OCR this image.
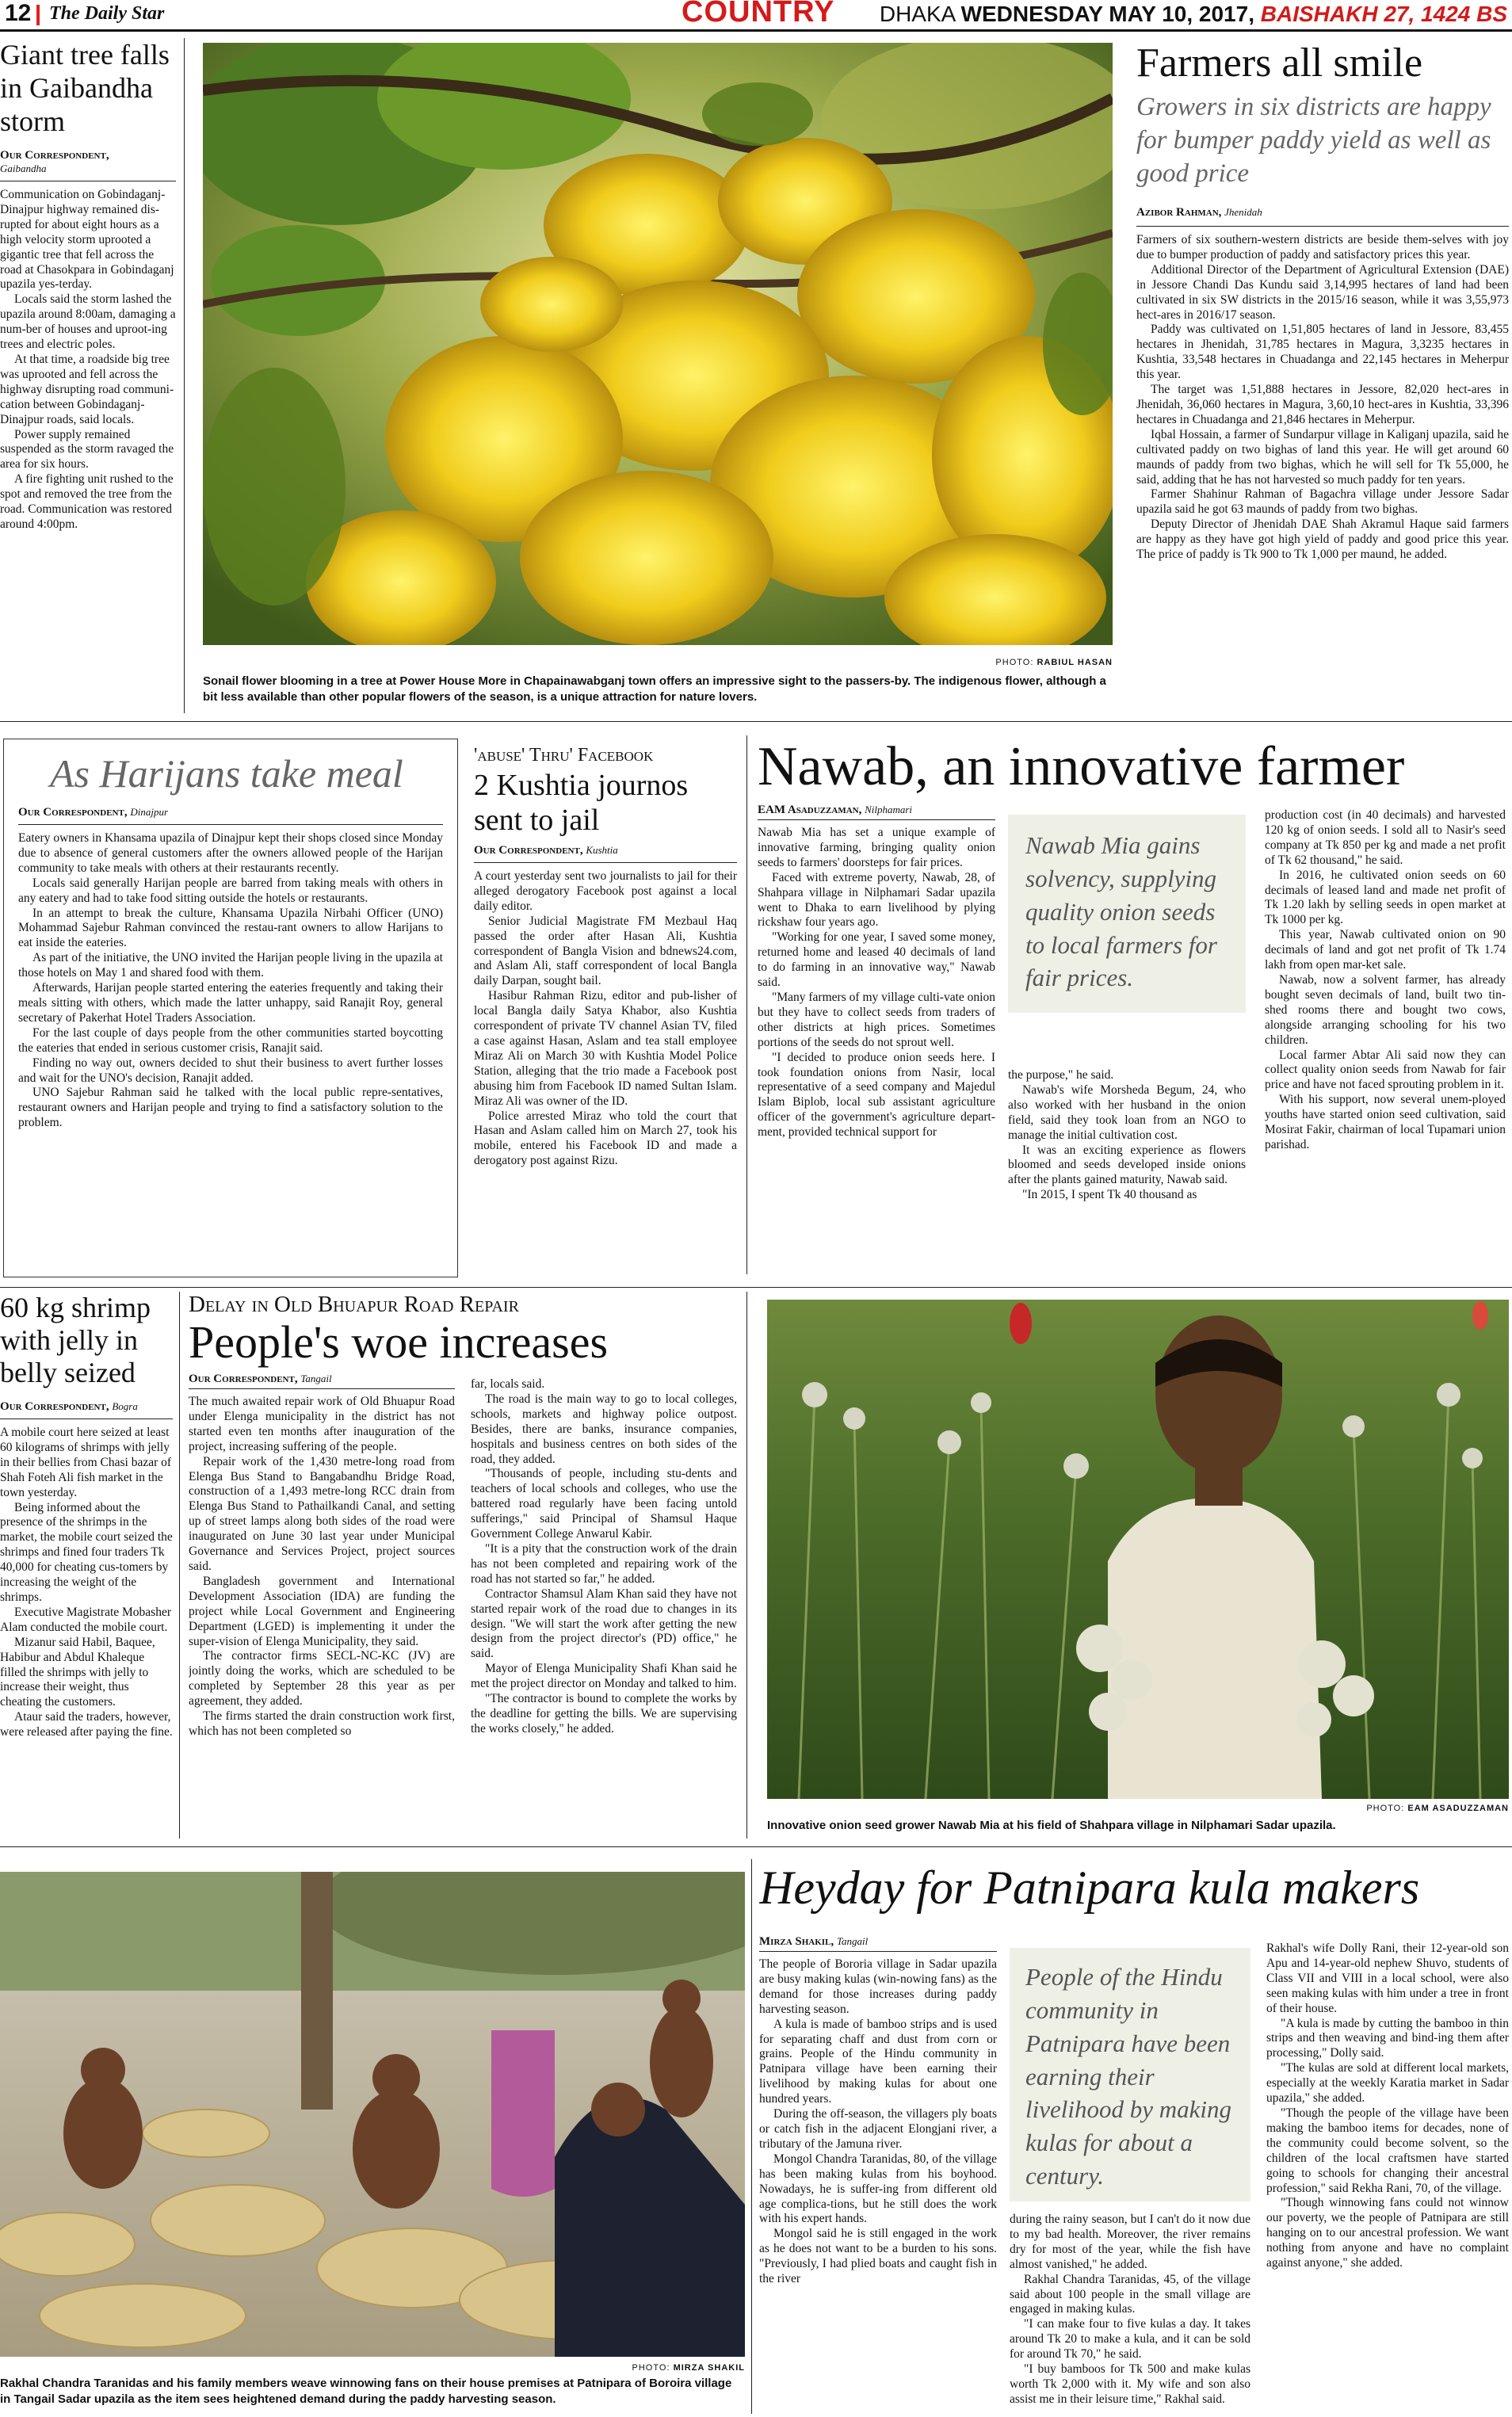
12 The Daily Star	COUNTRY DHAKA WEDNESDAY MAY 10, 2017, BAISHAKH 27, 1424 BS
Giant tree falls in Gaibandha storm
Our Correspondent,
Gaibandha

Communication on Gobindaganj-Dinajpur highway remained dis-rupted for about eight hours as a high velocity storm uprooted a gigantic tree that fell across the road at Chasokpara in Gobindaganj upazila yes-terday.

Locals said the storm lashed the upazila around 8:00am, damaging a num-ber of houses and uproot-ing trees and electric poles.

At that time, a roadside big tree was uprooted and fell across the highway disrupting road communi-cation between Gobindaganj-Dinajpur roads, said locals.

Power supply remained suspended as the storm ravaged the area for six hours.

A fire fighting unit rushed to the spot and removed the tree from the road. Communication was restored around 4:00pm.

PHOTO: RABIUL HASAN
Sonail flower blooming in a tree at Power House More in Chapainawabganj town offers an impressive sight to the passers-by. The indigenous flower, although a bit less available than other popular flowers of the season, is a unique attraction for nature lovers.
Farmers all smile
Growers in six districts are happy for bumper paddy yield as well as good price
Azibor Rahman, Jhenidah

Farmers of six southern-western districts are beside them-selves with joy due to bumper production of paddy and satisfactory prices this year.

Additional Director of the Department of Agricultural Extension (DAE) in Jessore Chandi Das Kundu said 3,14,995 hectares of land had been cultivated in six SW districts in the 2015/16 season, while it was 3,55,973 hect-ares in 2016/17 season.

Paddy was cultivated on 1,51,805 hectares of land in Jessore, 83,455 hectares in Jhenidah, 31,785 hectares in Magura, 3,3235 hectares in Kushtia, 33,548 hectares in Chuadanga and 22,145 hectares in Meherpur this year.

The target was 1,51,888 hectares in Jessore, 82,020 hect-ares in Jhenidah, 36,060 hectares in Magura, 3,60,10 hect-ares in Kushtia, 33,396 hectares in Chuadanga and 21,846 hectares in Meherpur.

Iqbal Hossain, a farmer of Sundarpur village in Kaliganj upazila, said he cultivated paddy on two bighas of land this year. He will get around 60 maunds of paddy from two bighas, which he will sell for Tk 55,000, he said, adding that he has not harvested so much paddy for ten years.

Farmer Shahinur Rahman of Bagachra village under Jessore Sadar upazila said he got 63 maunds of paddy from two bighas.

Deputy Director of Jhenidah DAE Shah Akramul Haque said farmers are happy as they have got high yield of paddy and good price this year. The price of paddy is Tk 900 to Tk 1,000 per maund, he added.

As Harijans take meal
Our Correspondent, Dinajpur

Eatery owners in Khansama upazila of Dinajpur kept their shops closed since Monday due to absence of general customers after the owners allowed people of the Harijan community to take meals with others at their restaurants recently.

Locals said generally Harijan people are barred from taking meals with others in any eatery and had to take food sitting outside the hotels or restaurants.

In an attempt to break the culture, Khansama Upazila Nirbahi Officer (UNO) Mohammad Sajebur Rahman convinced the restau-rant owners to allow Harijans to eat inside the eateries.

As part of the initiative, the UNO invited the Harijan people living in the upazila at those hotels on May 1 and shared food with them.

Afterwards, Harijan people started entering the eateries frequently and taking their meals sitting with others, which made the latter unhappy, said Ranajit Roy, general secretary of Pakerhat Hotel Traders Association.

For the last couple of days people from the other communities started boycotting the eateries that ended in serious customer crisis, Ranajit said.

Finding no way out, owners decided to shut their business to avert further losses and wait for the UNO's decision, Ranajit added.

UNO Sajebur Rahman said he talked with the local public repre-sentatives, restaurant owners and Harijan people and trying to find a satisfactory solution to the problem.

'abuse' Thru' Facebook
2 Kushtia journos sent to jail
Our Correspondent, Kushtia

A court yesterday sent two journalists to jail for their alleged derogatory Facebook post against a local daily editor.

Senior Judicial Magistrate FM Mezbaul Haq passed the order after Hasan Ali, Kushtia correspondent of Bangla Vision and bdnews24.com, and Aslam Ali, staff correspondent of local Bangla daily Darpan, sought bail.

Hasibur Rahman Rizu, editor and pub-lisher of local Bangla daily Satya Khabor, also Kushtia correspondent of private TV channel Asian TV, filed a case against Hasan, Aslam and tea stall employee Miraz Ali on March 30 with Kushtia Model Police Station, alleging that the trio made a Facebook post abusing him from Facebook ID named Sultan Islam. Miraz Ali was owner of the ID.

Police arrested Miraz who told the court that Hasan and Aslam called him on March 27, took his mobile, entered his Facebook ID and made a derogatory post against Rizu.

Nawab, an innovative farmer
EAM Asaduzzaman, Nilphamari

Nawab Mia has set a unique example of innovative farming, bringing quality onion seeds to farmers' doorsteps for fair prices.

Faced with extreme poverty, Nawab, 28, of Shahpara village in Nilphamari Sadar upazila went to Dhaka to earn livelihood by plying rickshaw four years ago.

"Working for one year, I saved some money, returned home and leased 40 decimals of land to do farming in an innovative way," Nawab said.

"Many farmers of my village culti-vate onion but they have to collect seeds from traders of other districts at high prices. Sometimes portions of the seeds do not sprout well.

"I decided to produce onion seeds here. I took foundation onions from Nasir, local representative of a seed company and Majedul Islam Biplob, local sub assistant agriculture officer of the government's agriculture depart-ment, provided technical support for

Nawab Mia gains solvency, supplying quality onion seeds to local farmers for fair prices.

the purpose," he said.

Nawab's wife Morsheda Begum, 24, who also worked with her husband in the onion field, said they took loan from an NGO to manage the initial cultivation cost.

It was an exciting experience as flowers bloomed and seeds developed inside onions after the plants gained maturity, Nawab said.

"In 2015, I spent Tk 40 thousand as

production cost (in 40 decimals) and harvested 120 kg of onion seeds. I sold all to Nasir's seed company at Tk 850 per kg and made a net profit of Tk 62 thousand," he said.

In 2016, he cultivated onion seeds on 60 decimals of leased land and made net profit of Tk 1.20 lakh by selling seeds in open market at Tk 1000 per kg.

This year, Nawab cultivated onion on 90 decimals of land and got net profit of Tk 1.74 lakh from open mar-ket sale.

Nawab, now a solvent farmer, has already bought seven decimals of land, built two tin-shed rooms there and bought two cows, alongside arranging schooling for his two children.

Local farmer Abtar Ali said now they can collect quality onion seeds from Nawab for fair price and have not faced sprouting problem in it.

With his support, now several unem-ployed youths have started onion seed cultivation, said Mosirat Fakir, chairman of local Tupamari union parishad.

60 kg shrimp with jelly in belly seized
Our Correspondent, Bogra

A mobile court here seized at least 60 kilograms of shrimps with jelly in their bellies from Chasi bazar of Shah Foteh Ali fish market in the town yesterday.

Being informed about the presence of the shrimps in the market, the mobile court seized the shrimps and fined four traders Tk 40,000 for cheating cus-tomers by increasing the weight of the shrimps.

Executive Magistrate Mobasher Alam conducted the mobile court.

Mizanur said Habil, Baquee, Habibur and Abdul Khaleque filled the shrimps with jelly to increase their weight, thus cheating the customers.

Ataur said the traders, however, were released after paying the fine.

Delay in Old Bhuapur Road Repair
People's woe increases
Our Correspondent, Tangail

The much awaited repair work of Old Bhuapur Road under Elenga municipality in the district has not started even ten months after inauguration of the project, increasing suffering of the people.

Repair work of the 1,430 metre-long road from Elenga Bus Stand to Bangabandhu Bridge Road, construction of a 1,493 metre-long RCC drain from Elenga Bus Stand to Pathailkandi Canal, and setting up of street lamps along both sides of the road were inaugurated on June 30 last year under Municipal Governance and Services Project, project sources said.

Bangladesh government and International Development Association (IDA) are funding the project while Local Government and Engineering Department (LGED) is implementing it under the super-vision of Elenga Municipality, they said.

The contractor firms SECL-NC-KC (JV) are jointly doing the works, which are scheduled to be completed by September 28 this year as per agreement, they added.

The firms started the drain construction work first, which has not been completed so

far, locals said.

The road is the main way to go to local colleges, schools, markets and highway police outpost. Besides, there are banks, insurance companies, hospitals and business centres on both sides of the road, they added.

"Thousands of people, including stu-dents and teachers of local schools and colleges, who use the battered road regularly have been facing untold sufferings," said Principal of Shamsul Haque Government College Anwarul Kabir.

"It is a pity that the construction work of the drain has not been completed and repairing work of the road has not started so far," he added.

Contractor Shamsul Alam Khan said they have not started repair work of the road due to changes in its design. "We will start the work after getting the new design from the project director's (PD) office," he said.

Mayor of Elenga Municipality Shafi Khan said he met the project director on Monday and talked to him.

"The contractor is bound to complete the works by the deadline for getting the bills. We are supervising the works closely," he added.

PHOTO: EAM ASADUZZAMAN
Innovative onion seed grower Nawab Mia at his field of Shahpara village in Nilphamari Sadar upazila.
PHOTO: MIRZA SHAKIL
Rakhal Chandra Taranidas and his family members weave winnowing fans on their house premises at Patnipara of Boroira village in Tangail Sadar upazila as the item sees heightened demand during the paddy harvesting season.
Heyday for Patnipara kula makers
Mirza Shakil, Tangail

The people of Bororia village in Sadar upazila are busy making kulas (win-nowing fans) as the demand for those increases during paddy harvesting season.

A kula is made of bamboo strips and is used for separating chaff and dust from corn or grains. People of the Hindu community in Patnipara village have been earning their livelihood by making kulas for about one hundred years.

During the off-season, the villagers ply boats or catch fish in the adjacent Elongjani river, a tributary of the Jamuna river.

Mongol Chandra Taranidas, 80, of the village has been making kulas from his boyhood. Nowadays, he is suffer-ing from different old age complica-tions, but he still does the work with his expert hands.

Mongol said he is still engaged in the work as he does not want to be a burden to his sons. "Previously, I had plied boats and caught fish in the river

People of the Hindu community in Patnipara have been earning their livelihood by making kulas for about a century.

during the rainy season, but I can't do it now due to my bad health. Moreover, the river remains dry for most of the year, while the fish have almost vanished," he added.

Rakhal Chandra Taranidas, 45, of the village said about 100 people in the small village are engaged in making kulas.

"I can make four to five kulas a day. It takes around Tk 20 to make a kula, and it can be sold for around Tk 70," he said.

"I buy bamboos for Tk 500 and make kulas worth Tk 2,000 with it. My wife and son also assist me in their leisure time," Rakhal said.

Rakhal's wife Dolly Rani, their 12-year-old son Apu and 14-year-old nephew Shuvo, students of Class VII and VIII in a local school, were also seen making kulas with him under a tree in front of their house.

"A kula is made by cutting the bamboo in thin strips and then weaving and bind-ing them after processing," Dolly said.

"The kulas are sold at different local markets, especially at the weekly Karatia market in Sadar upazila," she added.

"Though the people of the village have been making the bamboo items for decades, none of the community could become solvent, so the children of the local craftsmen have started going to schools for changing their ancestral profession," said Rekha Rani, 70, of the village.

"Though winnowing fans could not winnow our poverty, we the people of Patnipara are still hanging on to our ancestral profession. We want nothing from anyone and have no complaint against anyone," she added.
